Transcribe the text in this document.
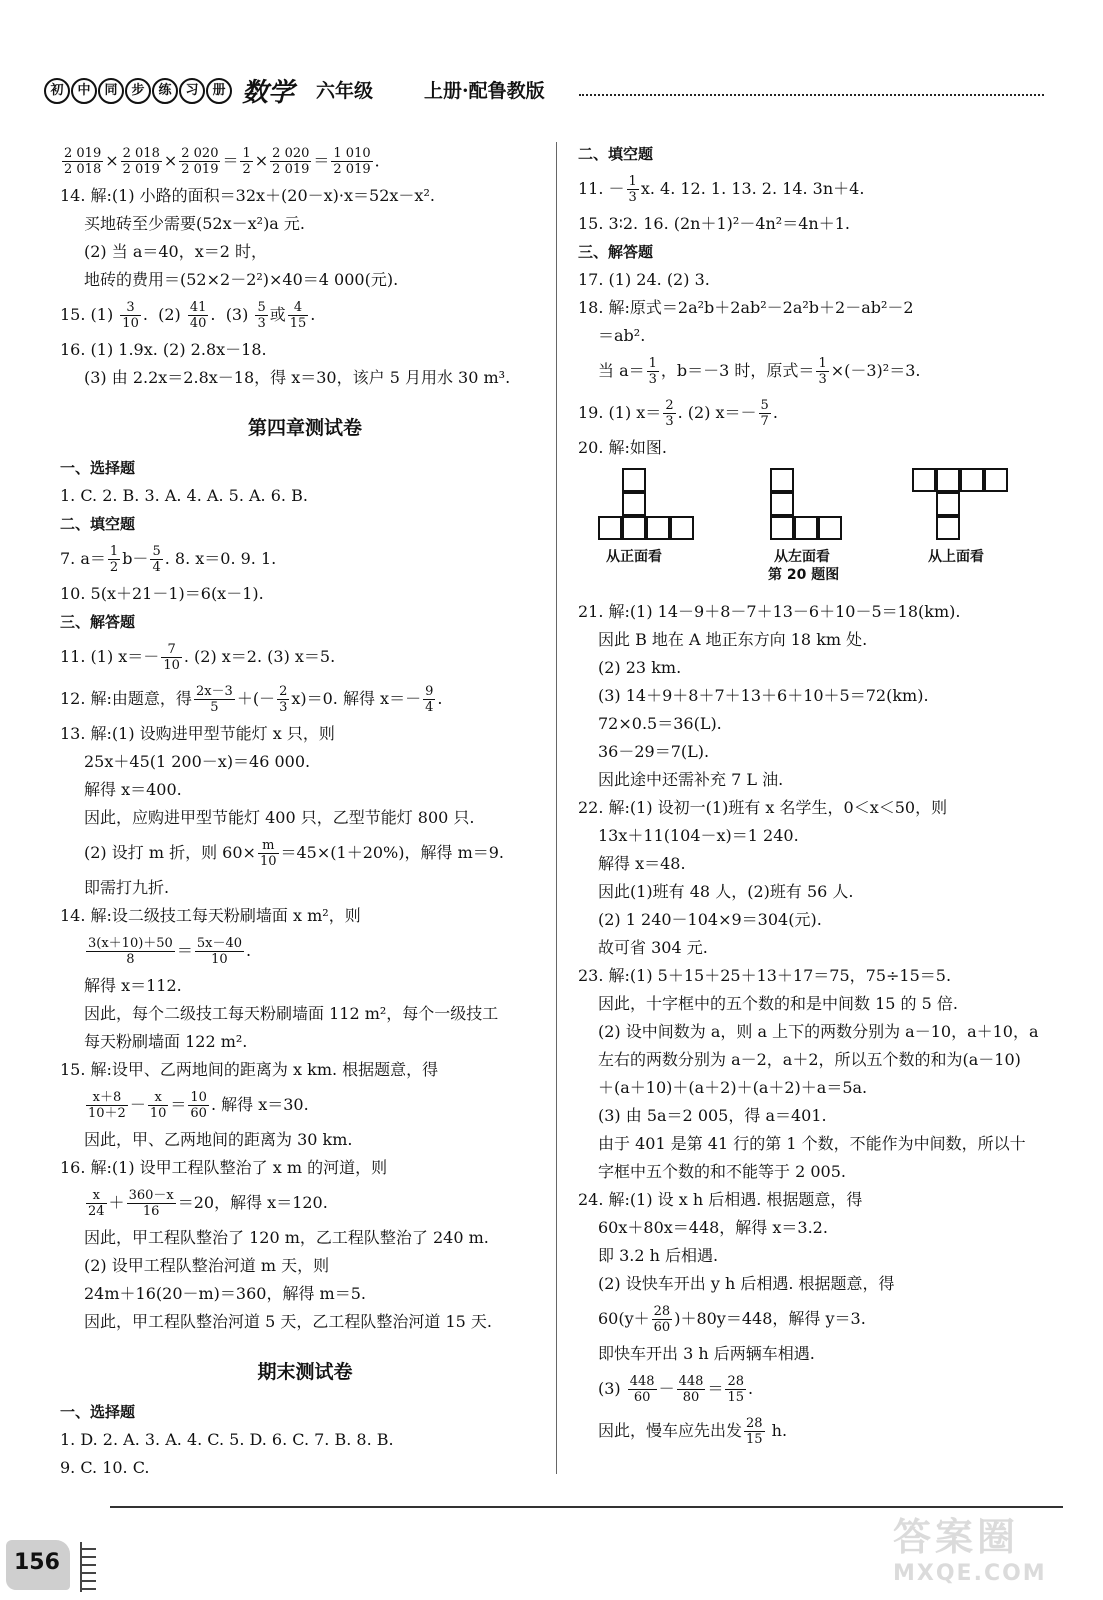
初	中	同	步	练	习	册 数学 六年级	上册·配鲁教版
$\frac{2 019}{2 018} \times \frac{2 018}{2 019} \times \frac{2 020}{2 019} = \frac{1}{2} \times \frac{2 020}{2 019} = \frac{1 010}{2 019}$ ．
14. 解:(1) 小路的面积＝32x＋(20－x)·x＝52x－x².
买地砖至少需要(52x－x²)a 元.
(2) 当 a＝40，x＝2 时，
地砖的费用＝(52×2－2²)×40＝4 000(元).
15. $(1) \frac{3}{10}$ .  $(2) \frac{41}{40}$ .  $(3) \frac{5}{3}$ 或 $\frac{4}{15}$ .
16. (1) 1.9x. (2) 2.8x－18.
(3) 由 2.2x＝2.8x－18，得 x＝30，该户 5 月用水 30 m³.
第四章测试卷
一、选择题
1. C. 2. B. 3. A. 4. A. 5. A. 6. B.
二、填空题
7. $a= \frac{1}{2} b- \frac{5}{4}$ . 8. x＝0. 9. 1.
10. 5(x＋21－1)＝6(x－1).
三、解答题
11. (1) $x=- \frac{7}{10}$ . (2) x＝2. (3) x＝5.
12. 解:由题意，得 $\frac{2x-3}{5}$ ＋(－ $\frac{2}{3} x)=0$. 解得 $x=- \frac{9}{4}$ .
13. 解:(1) 设购进甲型节能灯 x 只，则
25x＋45(1 200－x)＝46 000.
解得 x＝400.
因此，应购进甲型节能灯 400 只，乙型节能灯 800 只.
(2) 设打 m 折，则 $60\times \frac{m}{10} =45\times(1+20\%)$，解得 m＝9.
即需打九折.
14. 解:设二级技工每天粉刷墙面 x m²，则
$\frac{3(x+10)+50}{8} = \frac{5x-40}{10}$ .
解得 x＝112.
因此，每个二级技工每天粉刷墙面 112 m²，每个一级技工
每天粉刷墙面 122 m².
15. 解:设甲、乙两地间的距离为 x km. 根据题意，得
$\frac{x+8}{10+2} - \frac{x}{10} = \frac{10}{60}$ . 解得 x＝30.
因此，甲、乙两地间的距离为 30 km.
16. 解:(1) 设甲工程队整治了 x m 的河道，则
$\frac{x}{24} + \frac{360-x}{16} =20$，解得 x＝120.
因此，甲工程队整治了 120 m，乙工程队整治了 240 m.
(2) 设甲工程队整治河道 m 天，则
24m＋16(20－m)＝360，解得 m＝5.
因此，甲工程队整治河道 5 天，乙工程队整治河道 15 天.
期末测试卷
一、选择题
1. D. 2. A. 3. A. 4. C. 5. D. 6. C. 7. B. 8. B.
9. C. 10. C.
二、填空题
11. － $\frac{1}{3} x$. 4. 12. 1. 13. 2. 14. 3n＋4.
15. 3∶2. 16. (2n＋1)²－4n²＝4n＋1.
三、解答题
17. (1) 24. (2) 3.
18. 解:原式＝2a²b＋2ab²－2a²b＋2－ab²－2
＝ab².
当 $a= \frac{1}{3}$ ，b＝－3 时，原式＝ $\frac{1}{3} \times(-3)^2=3$.
19. (1) $x= \frac{2}{3}$ . (2) $x=- \frac{5}{7}$ .
20. 解:如图.
从正面看	从左面看
第 20 题图
从上面看
21. 解:(1) 14－9＋8－7＋13－6＋10－5＝18(km).
因此 B 地在 A 地正东方向 18 km 处.
(2) 23 km.
(3) 14＋9＋8＋7＋13＋6＋10＋5＝72(km).
72×0.5＝36(L).
36－29＝7(L).
因此途中还需补充 7 L 油.
22. 解:(1) 设初一(1)班有 x 名学生，0＜x＜50，则
13x＋11(104－x)＝1 240.
解得 x＝48.
因此(1)班有 48 人，(2)班有 56 人.
(2) 1 240－104×9＝304(元).
故可省 304 元.
23. 解:(1) 5＋15＋25＋13＋17＝75，75÷15＝5.
因此，十字框中的五个数的和是中间数 15 的 5 倍.
(2) 设中间数为 a，则 a 上下的两数分别为 a－10，a＋10，a
左右的两数分别为 a－2，a＋2，所以五个数的和为(a－10)
＋(a＋10)＋(a＋2)＋(a＋2)＋a＝5a.
(3) 由 5a＝2 005，得 a＝401.
由于 401 是第 41 行的第 1 个数，不能作为中间数，所以十
字框中五个数的和不能等于 2 005.
24. 解:(1) 设 x h 后相遇. 根据题意，得
60x＋80x＝448，解得 x＝3.2.
即 3.2 h 后相遇.
(2) 设快车开出 y h 后相遇. 根据题意，得
$60(y+ \frac{28}{60} )+80y=448$，解得 y＝3.
即快车开出 3 h 后两辆车相遇.
$(3) \frac{448}{60} - \frac{448}{80} = \frac{28}{15}$ .
因此，慢车应先出发 $\frac{28}{15} h$.
156
答案圈
MXQE.COM
